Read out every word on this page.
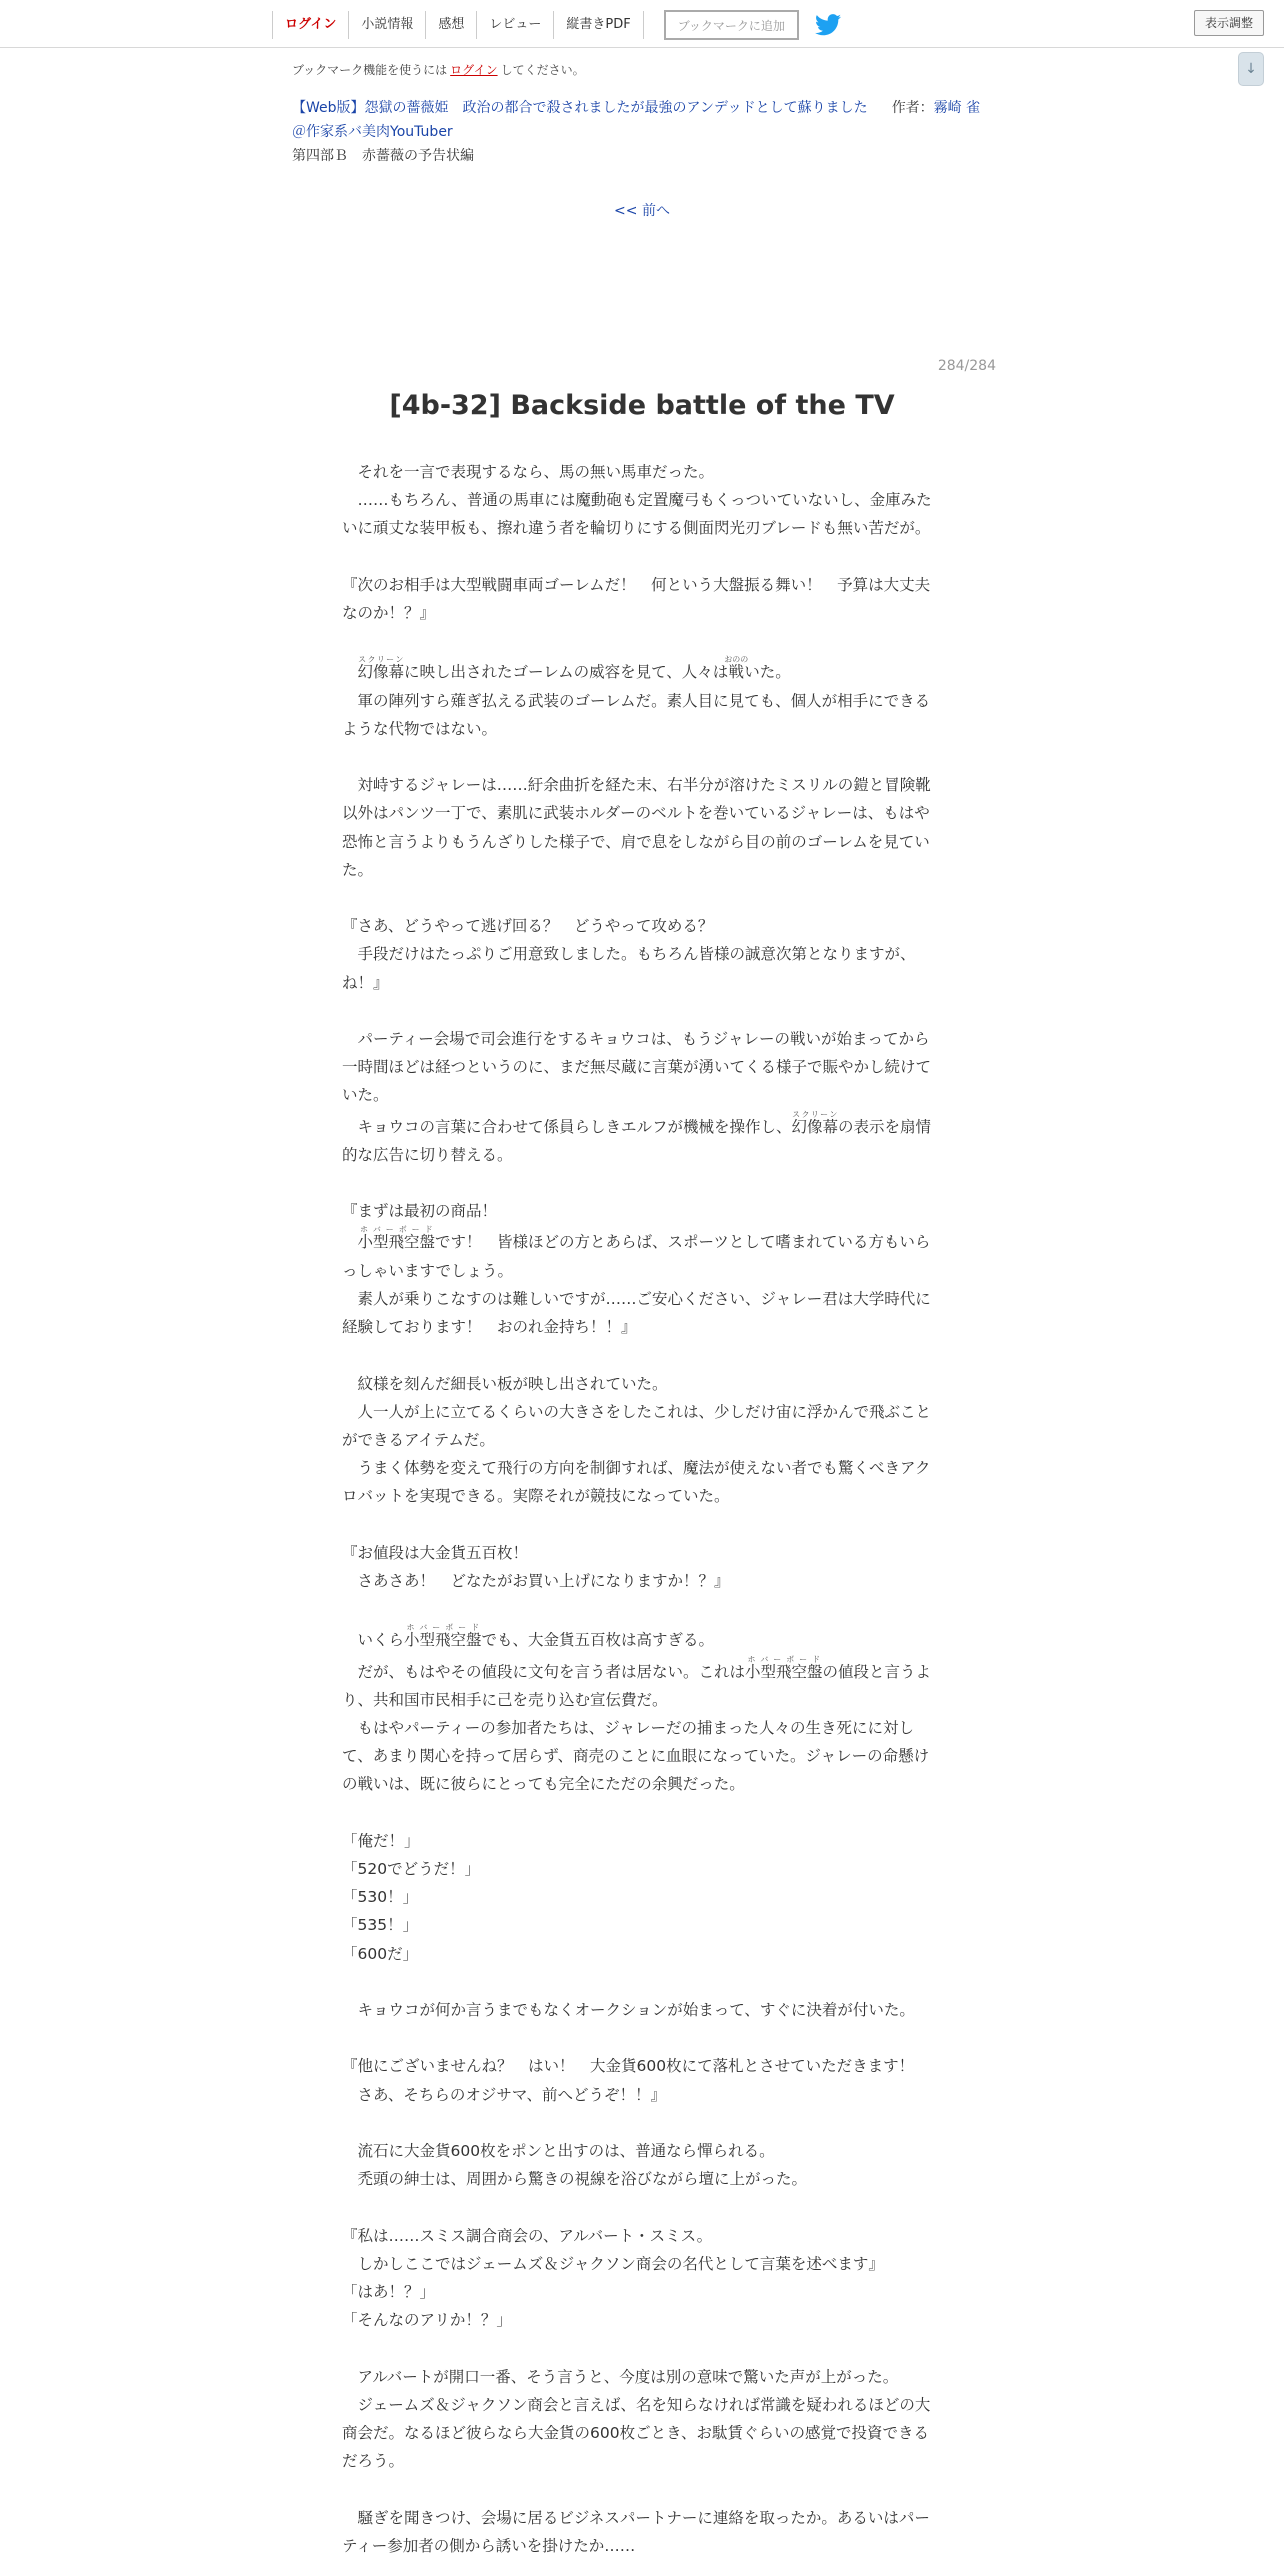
ログイン	小説情報	感想	レビュー	縦書きPDF	ブックマークに追加	表示調整
↓
ブックマーク機能を使うには ログイン してください。
【Web版】怨獄の薔薇姫　政治の都合で殺されましたが最強のアンデッドとして蘇りました 作者：霧崎 雀
＠作家系バ美肉YouTuber
第四部Ｂ　赤薔薇の予告状編
<< 前へ
284/284
[4b-32] Backside battle of the TV

　それを一言で表現するなら、馬の無い馬車だった。

　……もちろん、普通の馬車には魔動砲も定置魔弓もくっついていないし、金庫みたいに頑丈な装甲板も、擦れ違う者を輪切りにする側面閃光刃ブレードも無い苦だが。

『次のお相手は大型戦闘車両ゴーレムだ！　何という大盤振る舞い！　予算は大丈夫なのか！？』

　幻像幕スクリーンに映し出されたゴーレムの威容を見て、人々は戦おののいた。

　軍の陣列すら薙ぎ払える武装のゴーレムだ。素人目に見ても、個人が相手にできるような代物ではない。

　対峙するジャレーは……紆余曲折を経た末、右半分が溶けたミスリルの鎧と冒険靴以外はパンツ一丁で、素肌に武装ホルダーのベルトを巻いているジャレーは、もはや恐怖と言うよりもうんざりした様子で、肩で息をしながら目の前のゴーレムを見ていた。

『さあ、どうやって逃げ回る？　どうやって攻める？

　手段だけはたっぷりご用意致しました。もちろん皆様の誠意次第となりますが、ね！』

　パーティー会場で司会進行をするキョウコは、もうジャレーの戦いが始まってから一時間ほどは経つというのに、まだ無尽蔵に言葉が湧いてくる様子で賑やかし続けていた。

　キョウコの言葉に合わせて係員らしきエルフが機械を操作し、幻像幕スクリーンの表示を扇情的な広告に切り替える。

『まずは最初の商品！

　小型飛空盤ホバーボードです！　皆様ほどの方とあらば、スポーツとして嗜まれている方もいらっしゃいますでしょう。

　素人が乗りこなすのは難しいですが……ご安心ください、ジャレー君は大学時代に経験しております！　おのれ金持ち！！』

　紋様を刻んだ細長い板が映し出されていた。

　人一人が上に立てるくらいの大きさをしたこれは、少しだけ宙に浮かんで飛ぶことができるアイテムだ。

　うまく体勢を変えて飛行の方向を制御すれば、魔法が使えない者でも驚くべきアクロバットを実現できる。実際それが競技になっていた。

『お値段は大金貨五百枚！

　さあさあ！　どなたがお買い上げになりますか！？』

　いくら小型飛空盤ホバーボードでも、大金貨五百枚は高すぎる。

　だが、もはやその値段に文句を言う者は居ない。これは小型飛空盤ホバーボードの値段と言うより、共和国市民相手に己を売り込む宣伝費だ。

　もはやパーティーの参加者たちは、ジャレーだの捕まった人々の生き死にに対して、あまり関心を持って居らず、商売のことに血眼になっていた。ジャレーの命懸けの戦いは、既に彼らにとっても完全にただの余興だった。

「俺だ！」

「520でどうだ！」

「530！」

「535！」

「600だ」

　キョウコが何か言うまでもなくオークションが始まって、すぐに決着が付いた。

『他にございませんね？　はい！　大金貨600枚にて落札とさせていただきます！

　さあ、そちらのオジサマ、前へどうぞ！！』

　流石に大金貨600枚をポンと出すのは、普通なら憚られる。

　禿頭の紳士は、周囲から驚きの視線を浴びながら壇に上がった。

『私は……スミス調合商会の、アルバート・スミス。

　しかしここではジェームズ＆ジャクソン商会の名代として言葉を述べます』

「はあ！？」

「そんなのアリか！？」

　アルバートが開口一番、そう言うと、今度は別の意味で驚いた声が上がった。

　ジェームズ＆ジャクソン商会と言えば、名を知らなければ常識を疑われるほどの大商会だ。なるほど彼らなら大金貨の600枚ごとき、お駄賃ぐらいの感覚で投資できるだろう。

　騒ぎを聞きつけ、会場に居るビジネスパートナーに連絡を取ったか。あるいはパーティー参加者の側から誘いを掛けたか……
